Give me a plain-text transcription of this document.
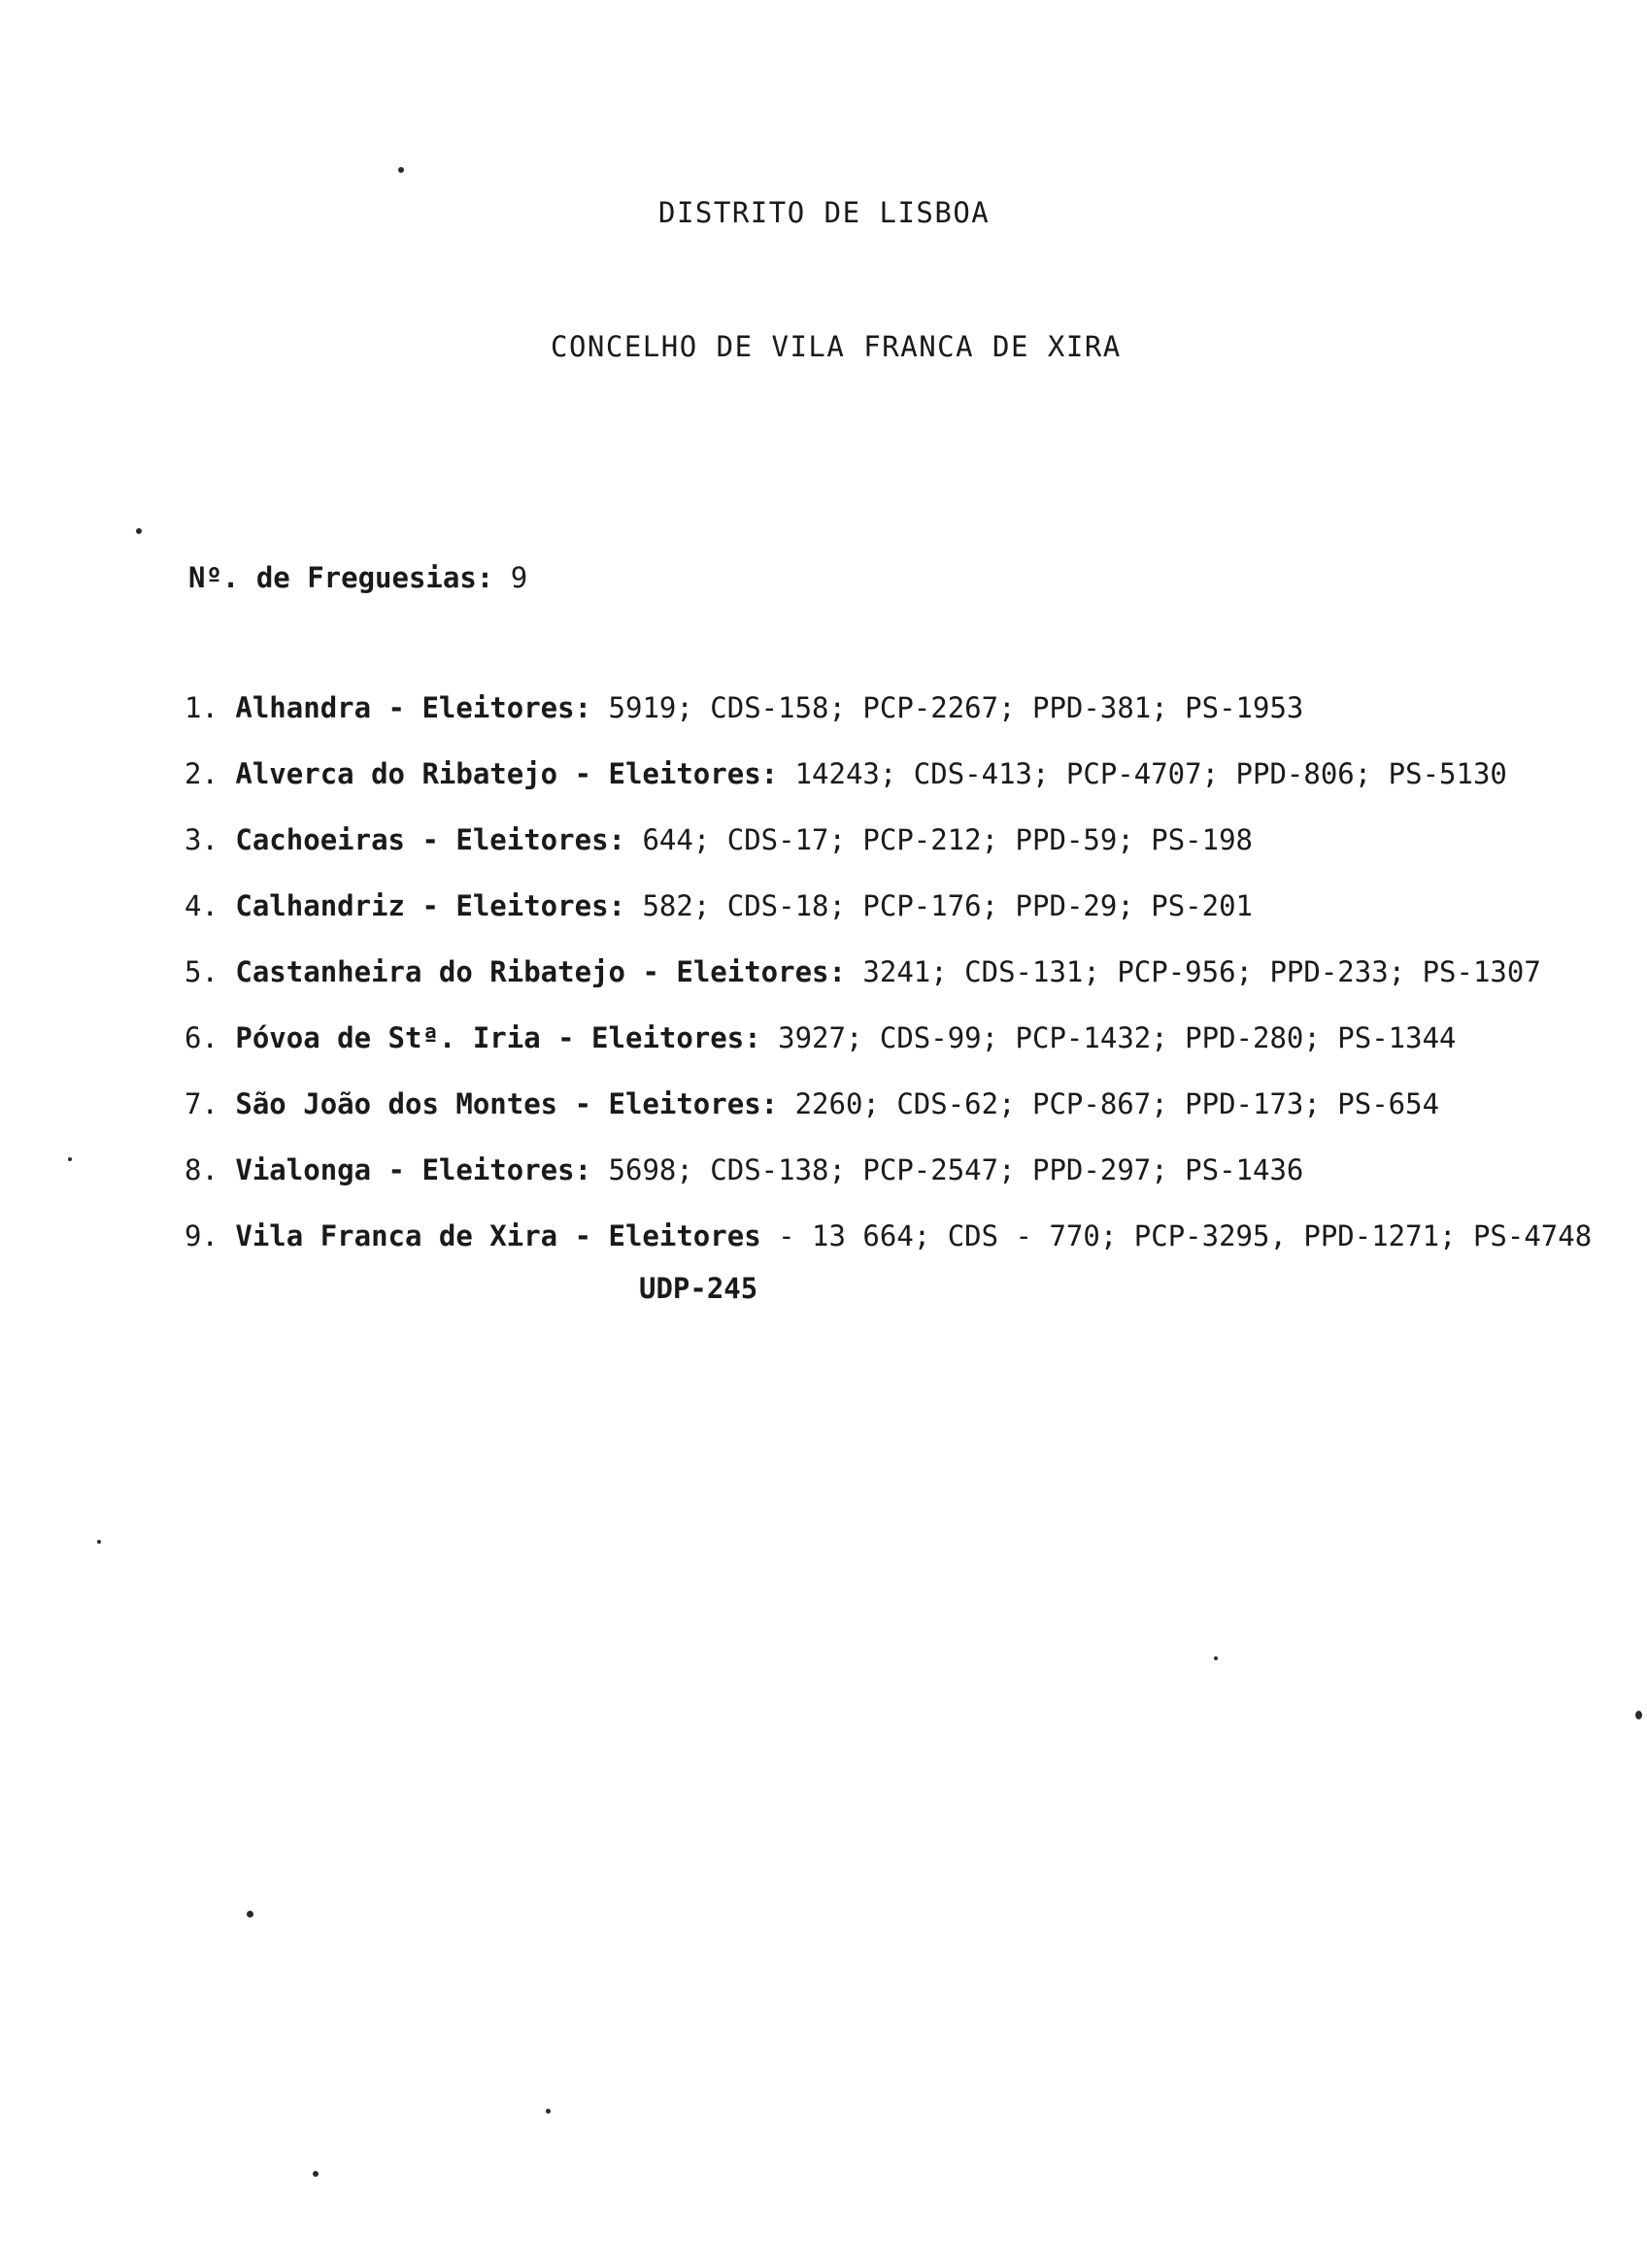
DISTRITO DE LISBOA
CONCELHO DE VILA FRANCA DE XIRA
Nº. de Freguesias: 9
1. Alhandra - Eleitores: 5919; CDS-158; PCP-2267; PPD-381; PS-1953
2. Alverca do Ribatejo - Eleitores: 14243; CDS-413; PCP-4707; PPD-806; PS-5130
3. Cachoeiras - Eleitores: 644; CDS-17; PCP-212; PPD-59; PS-198
4. Calhandriz - Eleitores: 582; CDS-18; PCP-176; PPD-29; PS-201
5. Castanheira do Ribatejo - Eleitores: 3241; CDS-131; PCP-956; PPD-233; PS-1307
6. Póvoa de Stª. Iria - Eleitores: 3927; CDS-99; PCP-1432; PPD-280; PS-1344
7. São João dos Montes - Eleitores: 2260; CDS-62; PCP-867; PPD-173; PS-654
8. Vialonga - Eleitores: 5698; CDS-138; PCP-2547; PPD-297; PS-1436
9. Vila Franca de Xira - Eleitores - 13 664; CDS - 770; PCP-3295, PPD-1271; PS-4748
UDP-245
